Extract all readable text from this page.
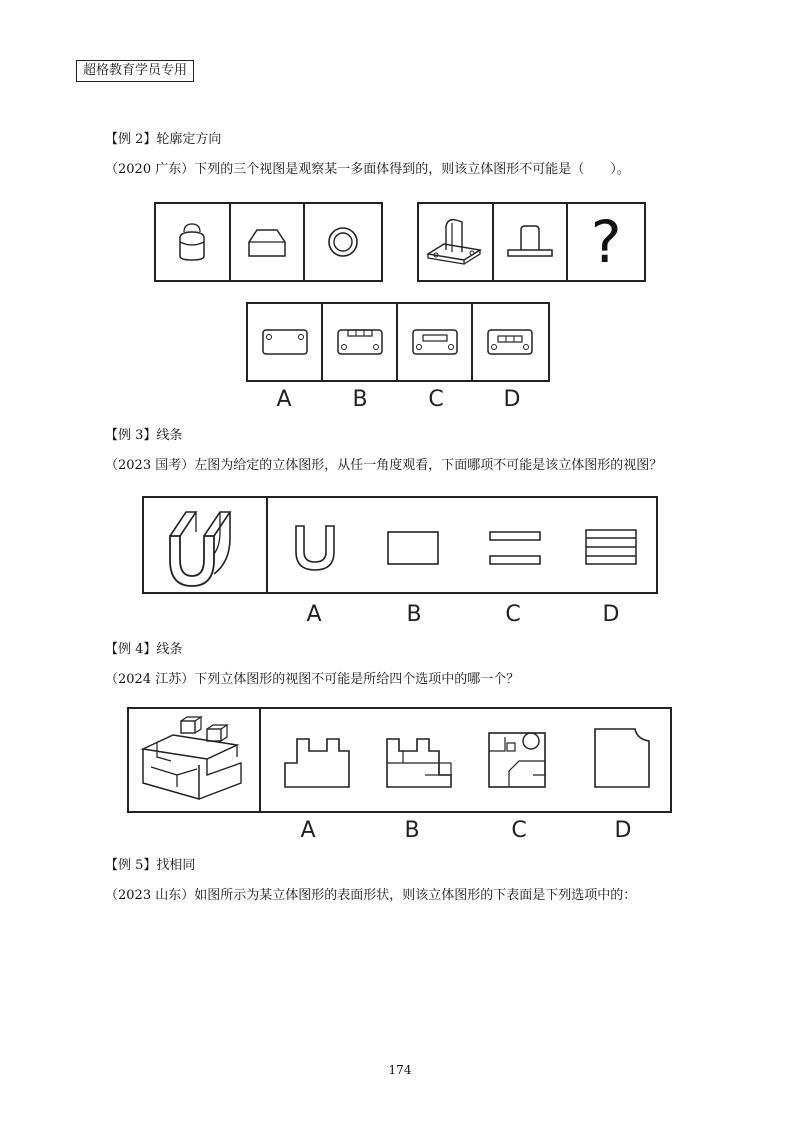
超格教育学员专用
【例 2】轮廓定方向
（2020 广东）下列的三个视图是观察某一多面体得到的，则该立体图形不可能是（　　）。
?
A	B	C	D
【例 3】线条
（2023 国考）左图为给定的立体图形，从任一角度观看，下面哪项不可能是该立体图形的视图？
A	B	C	D
【例 4】线条
（2024 江苏）下列立体图形的视图不可能是所给四个选项中的哪一个？
A	B	C	D
【例 5】找相同
（2023 山东）如图所示为某立体图形的表面形状，则该立体图形的下表面是下列选项中的：
174
